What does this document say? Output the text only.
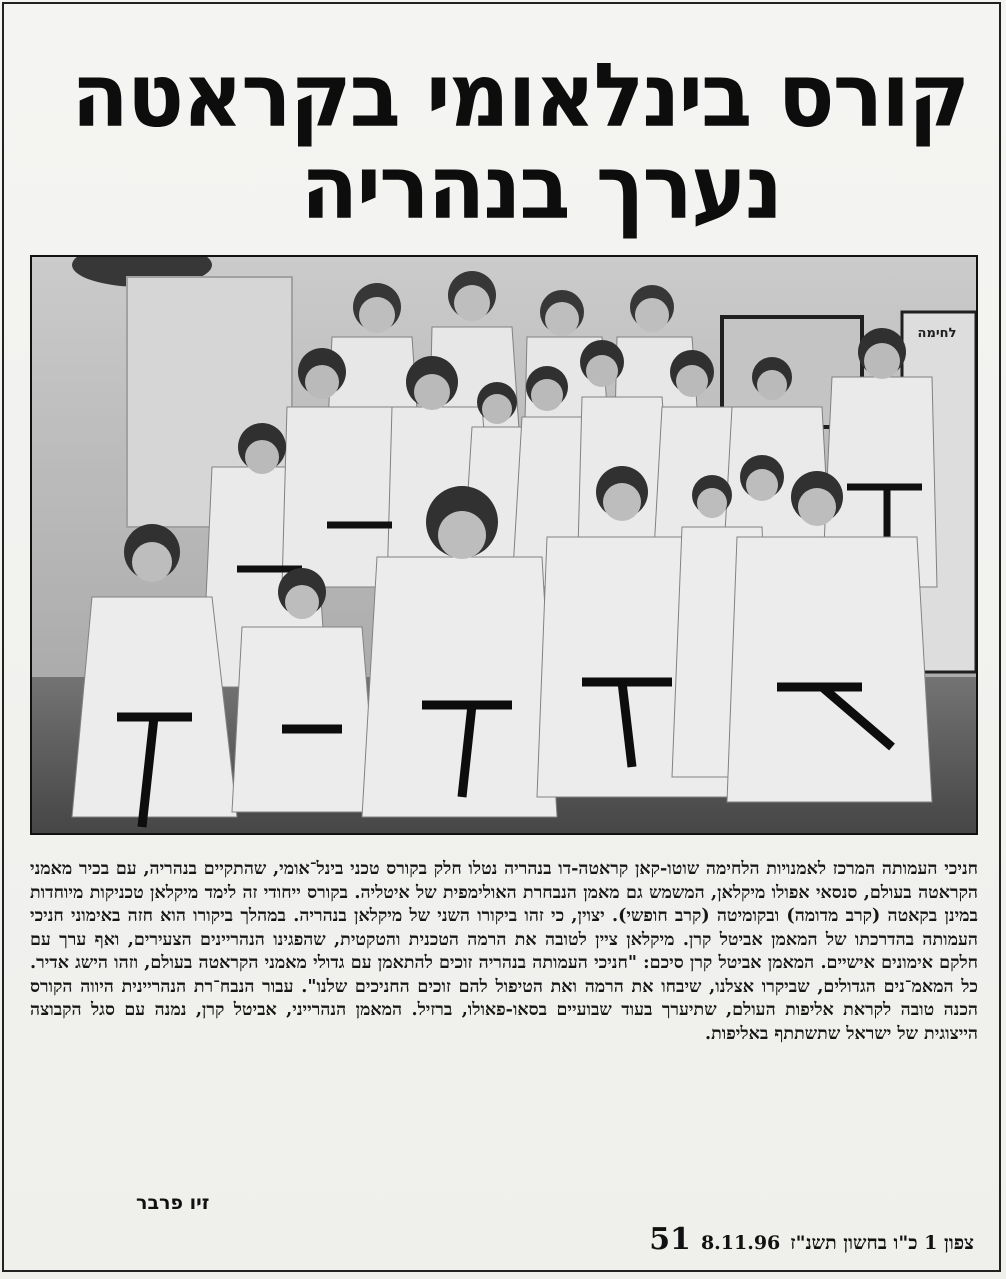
קורס בינלאומי בקראטה
נערך בנהריה
לחימה

חניכי העמותה המרכז לאמנויות הלחימה שוטו-קאן קראטה-דו בנהריה נטלו חלק בקורס טכני בינל־אומי, שהתקיים בנהריה, עם בכיר מאמני הקראטה בעולם, סנסאי אפולו מיקלאן, המשמש גם מאמן הנבחרת האולימפית של איטליה. בקורס ייחודי זה לימד מיקלאן טכניקות מיוחדות במינן בקאטה (קרב מדומה) ובקומיטה (קרב חופשי). יצוין, כי זהו ביקורו השני של מיקלאן בנהריה. במהלך ביקורו הוא חזה באימוני חניכי העמותה בהדרכתו של המאמן אביטל קרן. מיקלאן ציין לטובה את הרמה הטכנית והטקטית, שהפגינו הנהריינים הצעירים, ואף ערך עם חלקם אימונים אישיים. המאמן אביטל קרן סיכם: "חניכי העמותה בנהריה זוכים להתאמן עם גדולי מאמני הקראטה בעולם, וזהו הישג אדיר. כל המאמ־נים הגדולים, שביקרו אצלנו, שיבחו את הרמה ואת הטיפול להם זוכים החניכים שלנו". עבור הנבח־רת הנהריינית היווה הקורס הכנה טובה לקראת אליפות העולם, שתיערך בעוד שבועיים בסאו-פאולו, ברזיל. המאמן הנהרייני, אביטל קרן, נמנה עם סגל הקבוצה הייצוגית של ישראל שתשתתף באליפות.

זיו פרבר
צפון 1 כ"ו בחשון תשנ"ז
8.11.96
51
